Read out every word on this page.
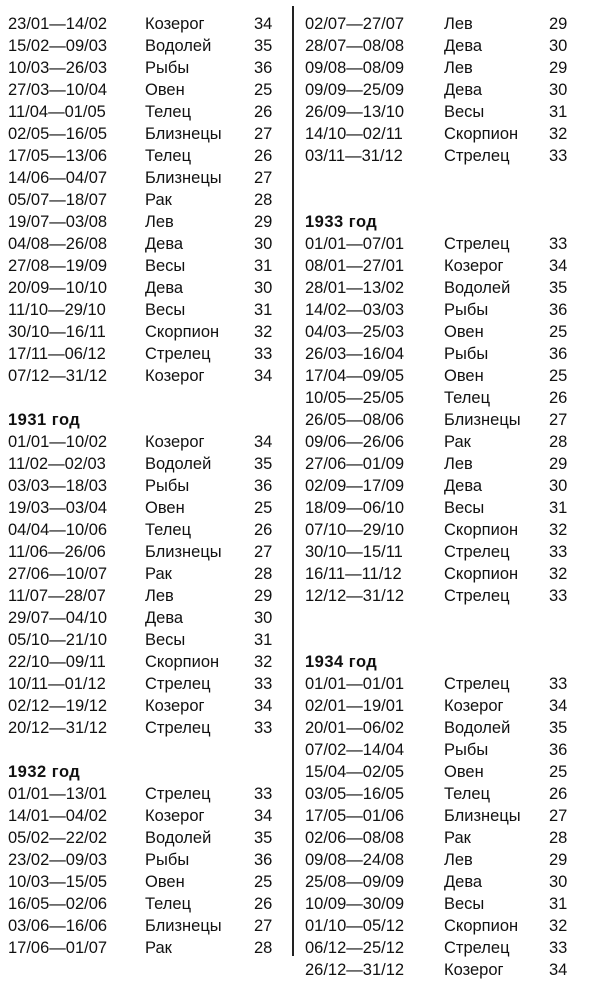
23/01—14/02 Козерог	34
15/02—09/03 Водолей	35
10/03—26/03 Рыбы	36
27/03—10/04 Овен	25
11/04—01/05 Телец	26
02/05—16/05 Близнецы 27
17/05—13/06 Телец	26
14/06—04/07 Близнецы 27
05/07—18/07 Рак	28
19/07—03/08 Лев	29
04/08—26/08 Дева	30
27/08—19/09 Весы	31
20/09—10/10 Дева	30
11/10—29/10 Весы	31
30/10—16/11 Скорпион 32
17/11—06/12 Стрелец	33
07/12—31/12 Козерог	34
1931 год
01/01—10/02 Козерог	34
11/02—02/03 Водолей	35
03/03—18/03 Рыбы	36
19/03—03/04 Овен	25
04/04—10/06 Телец	26
11/06—26/06 Близнецы 27
27/06—10/07 Рак	28
11/07—28/07 Лев	29
29/07—04/10 Дева	30
05/10—21/10 Весы	31
22/10—09/11 Скорпион 32
10/11—01/12 Стрелец	33
02/12—19/12 Козерог	34
20/12—31/12 Стрелец	33
1932 год
01/01—13/01 Стрелец	33
14/01—04/02 Козерог	34
05/02—22/02 Водолей	35
23/02—09/03 Рыбы	36
10/03—15/05 Овен	25
16/05—02/06 Телец	26
03/06—16/06 Близнецы 27
17/06—01/07 Рак	28
02/07—27/07 Лев	29
28/07—08/08 Дева	30
09/08—08/09 Лев	29
09/09—25/09 Дева	30
26/09—13/10 Весы	31
14/10—02/11 Скорпион 32
03/11—31/12 Стрелец 33
1933 год
01/01—07/01 Стрелец 33
08/01—27/01 Козерог	34
28/01—13/02 Водолей 35
14/02—03/03 Рыбы	36
04/03—25/03 Овен	25
26/03—16/04 Рыбы	36
17/04—09/05 Овен	25
10/05—25/05 Телец	26
26/05—08/06 Близнецы 27
09/06—26/06 Рак	28
27/06—01/09 Лев	29
02/09—17/09 Дева	30
18/09—06/10 Весы	31
07/10—29/10 Скорпион 32
30/10—15/11 Стрелец 33
16/11—11/12	Скорпион 32
12/12—31/12 Стрелец 33
1934 год
01/01—01/01 Стрелец 33
02/01—19/01 Козерог	34
20/01—06/02 Водолей 35
07/02—14/04 Рыбы	36
15/04—02/05 Овен	25
03/05—16/05 Телец	26
17/05—01/06 Близнецы 27
02/06—08/08 Рак	28
09/08—24/08 Лев	29
25/08—09/09 Дева	30
10/09—30/09 Весы	31
01/10—05/12 Скорпион 32
06/12—25/12 Стрелец 33
26/12—31/12 Козерог	34
